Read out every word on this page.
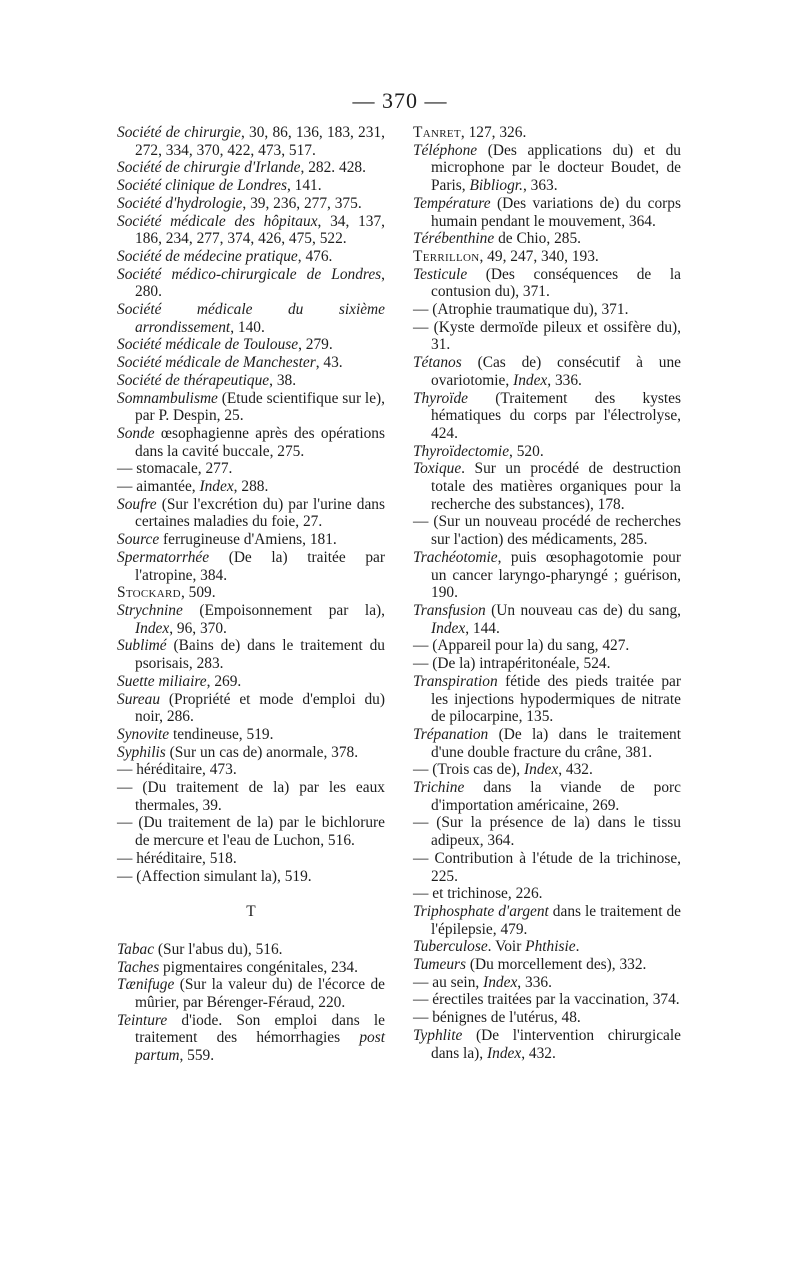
— 370 —

Société de chirurgie, 30, 86, 136, 183, 231, 272, 334, 370, 422, 473, 517.

Société de chirurgie d'Irlande, 282. 428.

Société clinique de Londres, 141.

Société d'hydrologie, 39, 236, 277, 375.

Société médicale des hôpitaux, 34, 137, 186, 234, 277, 374, 426, 475, 522.

Société de médecine pratique, 476.

Société médico-chirurgicale de Londres, 280.

Société médicale du sixième arrondissement, 140.

Société médicale de Toulouse, 279.

Société médicale de Manchester, 43.

Société de thérapeutique, 38.

Somnambulisme (Etude scientifique sur le), par P. Despin, 25.

Sonde œsophagienne après des opérations dans la cavité buccale, 275.

— stomacale, 277.

— aimantée, Index, 288.

Soufre (Sur l'excrétion du) par l'urine dans certaines maladies du foie, 27.

Source ferrugineuse d'Amiens, 181.

Spermatorrhée (De la) traitée par l'atropine, 384.

Stockard, 509.

Strychnine (Empoisonnement par la), Index, 96, 370.

Sublimé (Bains de) dans le traitement du psorisais, 283.

Suette miliaire, 269.

Sureau (Propriété et mode d'emploi du) noir, 286.

Synovite tendineuse, 519.

Syphilis (Sur un cas de) anormale, 378.

— héréditaire, 473.

— (Du traitement de la) par les eaux thermales, 39.

— (Du traitement de la) par le bichlorure de mercure et l'eau de Luchon, 516.

— héréditaire, 518.

— (Affection simulant la), 519.

T

Tabac (Sur l'abus du), 516.

Taches pigmentaires congénitales, 234.

Tænifuge (Sur la valeur du) de l'écorce de mûrier, par Bérenger-Féraud, 220.

Teinture d'iode. Son emploi dans le traitement des hémorrhagies post partum, 559.

Tanret, 127, 326.

Téléphone (Des applications du) et du microphone par le docteur Boudet, de Paris, Bibliogr., 363.

Température (Des variations de) du corps humain pendant le mouvement, 364.

Térébenthine de Chio, 285.

Terrillon, 49, 247, 340, 193.

Testicule (Des conséquences de la contusion du), 371.

— (Atrophie traumatique du), 371.

— (Kyste dermoïde pileux et ossifère du), 31.

Tétanos (Cas de) consécutif à une ovariotomie, Index, 336.

Thyroïde (Traitement des kystes hématiques du corps par l'électrolyse, 424.

Thyroïdectomie, 520.

Toxique. Sur un procédé de destruction totale des matières organiques pour la recherche des substances), 178.

— (Sur un nouveau procédé de recherches sur l'action) des médicaments, 285.

Trachéotomie, puis œsophagotomie pour un cancer laryngo-pharyngé ; guérison, 190.

Transfusion (Un nouveau cas de) du sang, Index, 144.

— (Appareil pour la) du sang, 427.

— (De la) intrapéritonéale, 524.

Transpiration fétide des pieds traitée par les injections hypodermiques de nitrate de pilocarpine, 135.

Trépanation (De la) dans le traitement d'une double fracture du crâne, 381.

— (Trois cas de), Index, 432.

Trichine dans la viande de porc d'importation américaine, 269.

— (Sur la présence de la) dans le tissu adipeux, 364.

— Contribution à l'étude de la trichinose, 225.

— et trichinose, 226.

Triphosphate d'argent dans le traitement de l'épilepsie, 479.

Tuberculose. Voir Phthisie.

Tumeurs (Du morcellement des), 332.

— au sein, Index, 336.

— érectiles traitées par la vaccination, 374.

— bénignes de l'utérus, 48.

Typhlite (De l'intervention chirurgicale dans la), Index, 432.
